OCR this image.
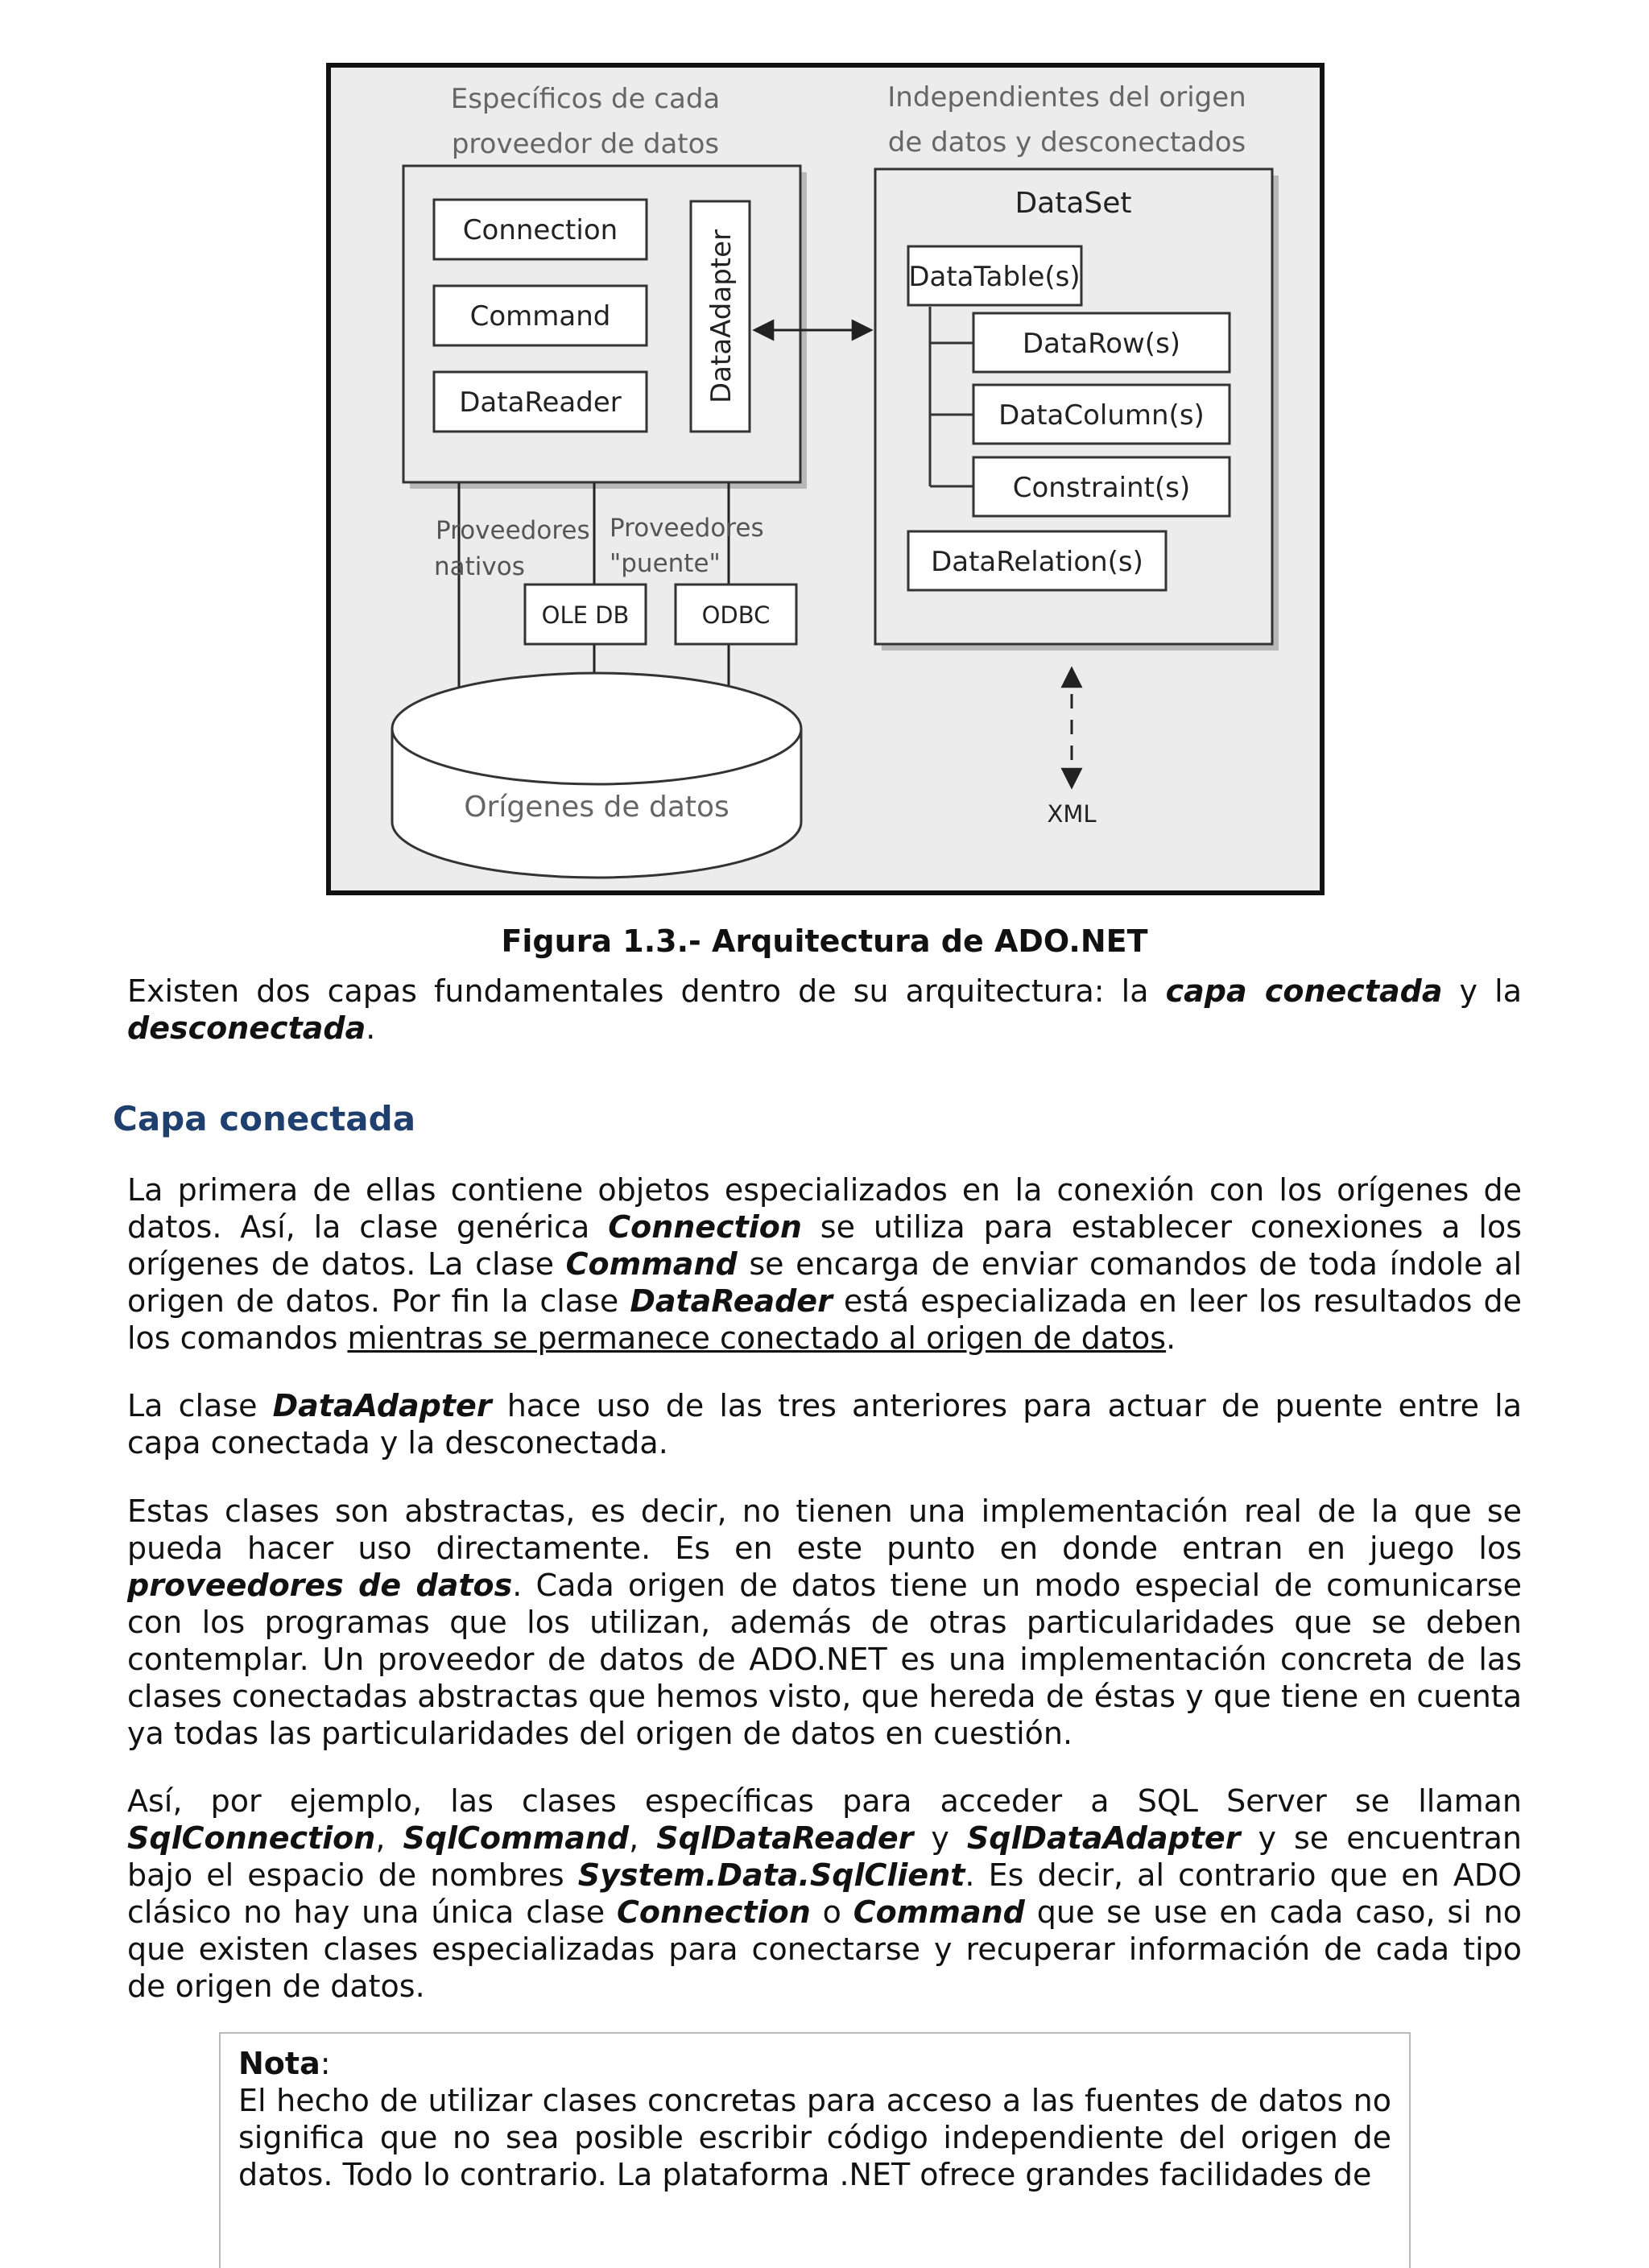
Específicos de cada
proveedor de datos
Independientes del origen
de datos y desconectados
Connection
Command
DataReader	DataAdapter
DataSet
DataTable(s)
DataRow(s)
DataColumn(s)
Constraint(s)
DataRelation(s)
Proveedores
nativos
Proveedores
"puente"
OLE DB	ODBC
Orígenes de datos	XML
Figura 1.3.- Arquitectura de ADO.NET

Existen dos capas fundamentales dentro de su arquitectura: la capa conectada y la desconectada.

Capa conectada

La primera de ellas contiene objetos especializados en la conexión con los orígenes de datos. Así, la clase genérica Connection se utiliza para establecer conexiones a los orígenes de datos. La clase Command se encarga de enviar comandos de toda índole al origen de datos. Por fin la clase DataReader está especializada en leer los resultados de los comandos mientras se permanece conectado al origen de datos.

La clase DataAdapter hace uso de las tres anteriores para actuar de puente entre la capa conectada y la desconectada.

Estas clases son abstractas, es decir, no tienen una implementación real de la que se pueda hacer uso directamente. Es en este punto en donde entran en juego los proveedores de datos. Cada origen de datos tiene un modo especial de comunicarse con los programas que los utilizan, además de otras particularidades que se deben contemplar. Un proveedor de datos de ADO.NET es una implementación concreta de las clases conectadas abstractas que hemos visto, que hereda de éstas y que tiene en cuenta ya todas las particularidades del origen de datos en cuestión.

Así, por ejemplo, las clases específicas para acceder a SQL Server se llaman SqlConnection, SqlCommand, SqlDataReader y SqlDataAdapter y se encuentran bajo el espacio de nombres System.Data.SqlClient. Es decir, al contrario que en ADO clásico no hay una única clase Connection o Command que se use en cada caso, si no que existen clases especializadas para conectarse y recuperar información de cada tipo de origen de datos.

Nota:
El hecho de utilizar clases concretas para acceso a las fuentes de datos no significa que no sea posible escribir código independiente del origen de datos. Todo lo contrario. La plataforma .NET ofrece grandes facilidades de
